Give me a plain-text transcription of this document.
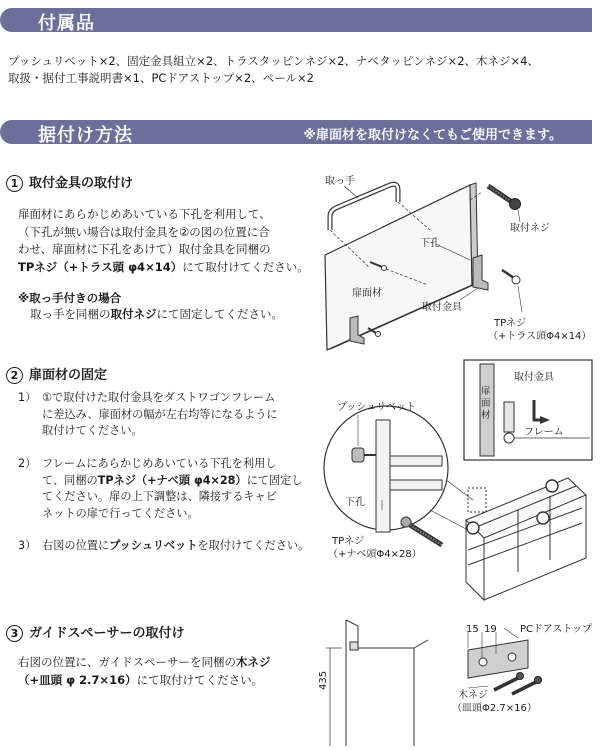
付属品
プッシュリベット×2、固定金具組立×2、トラスタッピンネジ×2、ナベタッピンネジ×2、木ネジ×4、
取扱・据付工事説明書×1、PCドアストップ×2、ペール×2
据付け方法	※扉面材を取付けなくてもご使用できます。
1 取付金具の取付け
扉面材にあらかじめあいている下孔を利用して、
（下孔が無い場合は取付金具を②の図の位置に合
わせ、扉面材に下孔をあけて）取付金具を同梱の
TPネジ（+トラス頭 φ4×14）にて取付けてください。
※取っ手付きの場合
取っ手を同梱の取付ネジにて固定してください。
取っ手
取付ネジ
下孔
扉面材
取付金具
TPネジ
（+トラス頭Φ4×14）
2 扉面材の固定
1） ①で取付けた取付金具をダストワゴンフレーム
に差込み、扉面材の幅が左右均等になるように
取付けてください。
2） フレームにあらかじめあいている下孔を利用し
て、同梱のTPネジ（+ナベ頭 φ4×28）にて固定し
てください。扉の上下調整は、隣接するキャビ
ネットの扉で行ってください。
3） 右図の位置にプッシュリベットを取付けてください。
プッシュリベット
下孔
TPネジ
（+ナベ頭Φ4×28）
扉面材
取付金具
フレーム
3 ガイドスペーサーの取付け
右図の位置に、ガイドスペーサーを同梱の木ネジ
（+皿頭 φ 2.7×16）にて取付けてください。	435
15 19 PCドアストップ
木ネジ
（皿頭Φ2.7×16）
